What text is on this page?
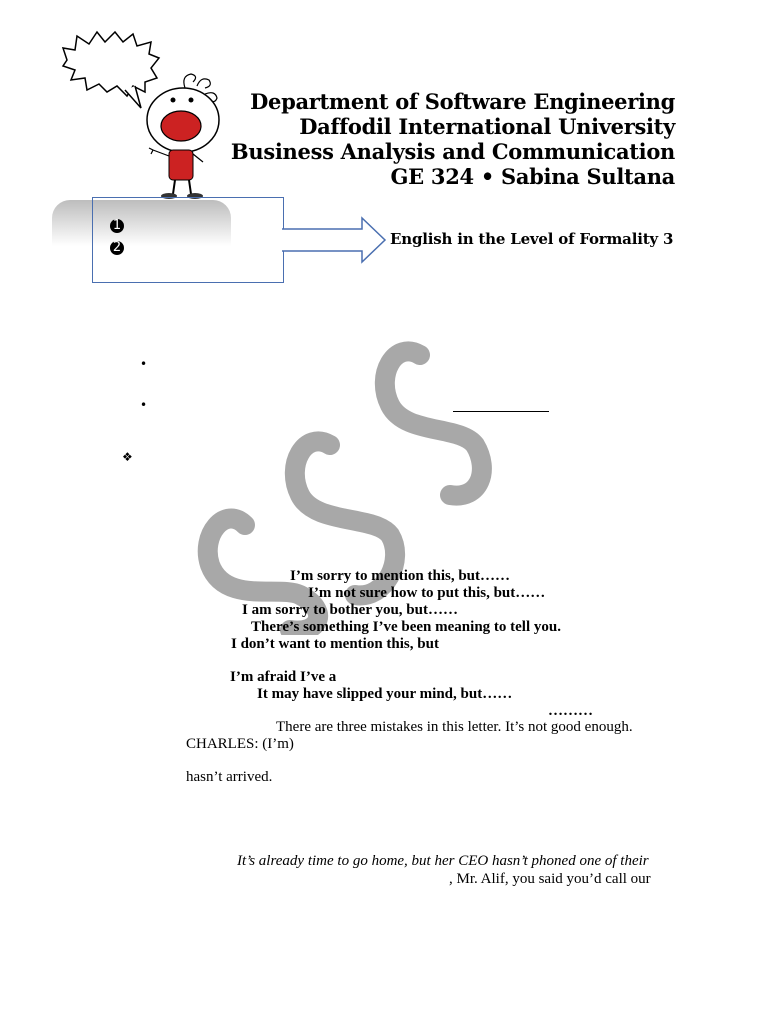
Department of Software Engineering
Daffodil International University
Business Analysis and Communication
GE 324 • Sabina Sultana
1
2	English in the Level of Formality 3
•
•
❖
I’m sorry to mention this, but……
I’m not sure how to put this, but……
I am sorry to bother you, but……
There’s something I’ve been meaning to tell you.
I don’t want to mention this, but
I’m afraid I’ve a
It may have slipped your mind, but……
………
There are three mistakes in this letter. It’s not good enough.
CHARLES: (I’m)
hasn’t arrived.
It’s already time to go home, but her CEO hasn’t phoned one of their
, Mr. Alif, you said you’d call our
